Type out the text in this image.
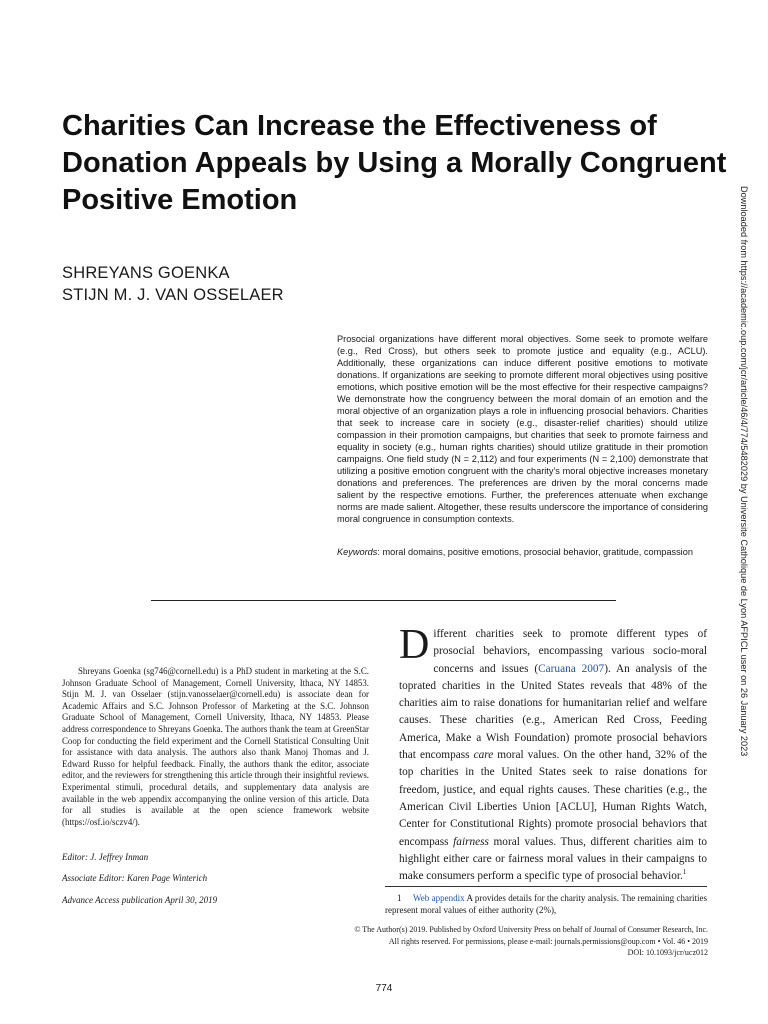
Charities Can Increase the Effectiveness of Donation Appeals by Using a Morally Congruent Positive Emotion
SHREYANS GOENKA
STIJN M. J. VAN OSSELAER

Prosocial organizations have different moral objectives. Some seek to promote welfare (e.g., Red Cross), but others seek to promote justice and equality (e.g., ACLU). Additionally, these organizations can induce different positive emotions to motivate donations. If organizations are seeking to promote different moral objectives using positive emotions, which positive emotion will be the most effective for their respective campaigns? We demonstrate how the congruency between the moral domain of an emotion and the moral objective of an organization plays a role in influencing prosocial behaviors. Charities that seek to increase care in society (e.g., disaster-relief charities) should utilize compassion in their promotion campaigns, but charities that seek to promote fairness and equality in society (e.g., human rights charities) should utilize gratitude in their promotion campaigns. One field study (N = 2,112) and four experiments (N = 2,100) demonstrate that utilizing a positive emotion congruent with the charity's moral objective increases monetary donations and preferences. The preferences are driven by the moral concerns made salient by the respective emotions. Further, the preferences attenuate when exchange norms are made salient. Altogether, these results underscore the importance of considering moral congruence in consumption contexts.

Keywords: moral domains, positive emotions, prosocial behavior, gratitude, compassion

Shreyans Goenka (sg746@cornell.edu) is a PhD student in marketing at the S.C. Johnson Graduate School of Management, Cornell University, Ithaca, NY 14853. Stijn M. J. van Osselaer (stijn.vanosselaer@cornell.edu) is associate dean for Academic Affairs and S.C. Johnson Professor of Marketing at the S.C. Johnson Graduate School of Management, Cornell University, Ithaca, NY 14853. Please address correspondence to Shreyans Goenka. The authors thank the team at GreenStar Coop for conducting the field experiment and the Cornell Statistical Consulting Unit for assistance with data analysis. The authors also thank Manoj Thomas and J. Edward Russo for helpful feedback. Finally, the authors thank the editor, associate editor, and the reviewers for strengthening this article through their insightful reviews. Experimental stimuli, procedural details, and supplementary data analysis are available in the web appendix accompanying the online version of this article. Data for all studies is available at the open science framework website (https://osf.io/sczv4/).

Editor: J. Jeffrey Inman
Associate Editor: Karen Page Winterich
Advance Access publication April 30, 2019

Different charities seek to promote different types of prosocial behaviors, encompassing various socio-moral concerns and issues (Caruana 2007). An analysis of the toprated charities in the United States reveals that 48% of the charities aim to raise donations for humanitarian relief and welfare causes. These charities (e.g., American Red Cross, Feeding America, Make a Wish Foundation) promote prosocial behaviors that encompass care moral values. On the other hand, 32% of the top charities in the United States seek to raise donations for freedom, justice, and equal rights causes. These charities (e.g., the American Civil Liberties Union [ACLU], Human Rights Watch, Center for Constitutional Rights) promote prosocial behaviors that encompass fairness moral values. Thus, different charities aim to highlight either care or fairness moral values in their campaigns to make consumers perform a specific type of prosocial behavior.$^1$

1 Web appendix A provides details for the charity analysis. The remaining charities represent moral values of either authority (2%),
© The Author(s) 2019. Published by Oxford University Press on behalf of Journal of Consumer Research, Inc.
All rights reserved. For permissions, please e-mail: journals.permissions@oup.com • Vol. 46 • 2019
DOI: 10.1093/jcr/ucz012
774
Downloaded from https://academic.oup.com/jcr/article/46/4/774/5482029 by Universite Catholique de Lyon AFPICL user on 26 January 2023
